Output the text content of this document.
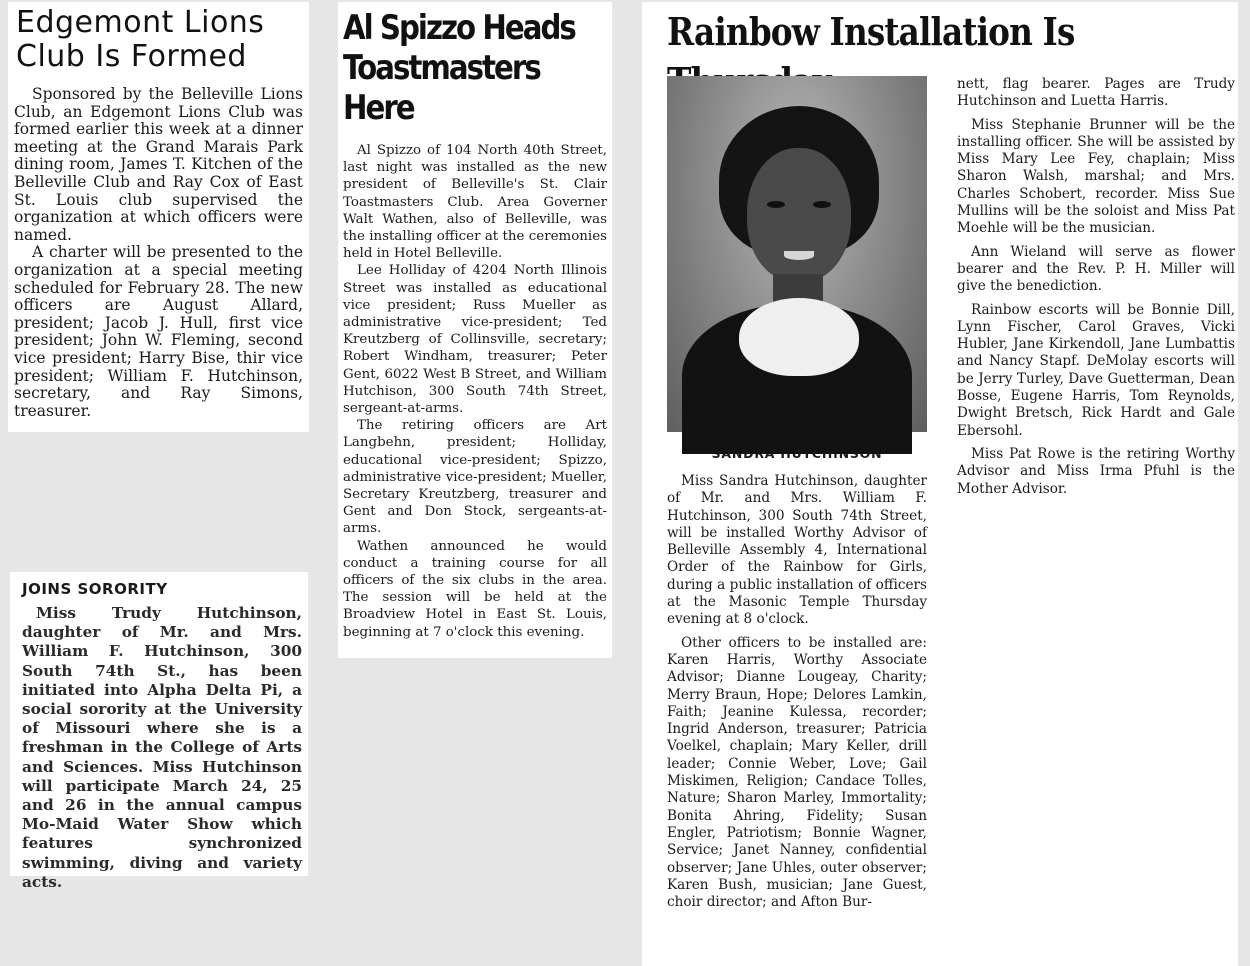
Edgemont Lions
Club Is Formed

Sponsored by the Belleville Lions Club, an Edgemont Lions Club was formed earlier this week at a dinner meeting at the Grand Marais Park dining room, James T. Kitchen of the Belleville Club and Ray Cox of East St. Louis club supervised the organization at which officers were named.

A charter will be presented to the organization at a special meeting scheduled for February 28. The new officers are August Allard, president; Jacob J. Hull, first vice president; John W. Fleming, second vice president; Harry Bise, thir vice president; William F. Hutchinson, secretary, and Ray Simons, treasurer.

Al Spizzo Heads
Toastmasters Here

Al Spizzo of 104 North 40th Street, last night was installed as the new president of Belleville's St. Clair Toastmasters Club. Area Governer Walt Wathen, also of Belleville, was the installing officer at the ceremonies held in Hotel Belleville.

Lee Holliday of 4204 North Illinois Street was installed as educational vice president; Russ Mueller as administrative vice-president; Ted Kreutzberg of Collinsville, secretary; Robert Windham, treasurer; Peter Gent, 6022 West B Street, and William Hutchison, 300 South 74th Street, sergeant-at-arms.

The retiring officers are Art Langbehn, president; Holliday, educational vice-president; Spizzo, administrative vice-president; Mueller, Secretary Kreutzberg, treasurer and Gent and Don Stock, sergeants-at-arms.

Wathen announced he would conduct a training course for all officers of the six clubs in the area. The session will be held at the Broadview Hotel in East St. Louis, beginning at 7 o'clock this evening.

Rainbow Installation Is

Miss Sandra Hutchinson, daughter of Mr. and Mrs. William F. Hutchinson, 300 South 74th Street, will be installed Worthy Advisor of Belleville Assembly 4, International Order of the Rainbow for Girls, during a public installation of officers at the Masonic Temple Thursday evening at 8 o'clock.

Other officers to be installed are: Karen Harris, Worthy Associate Advisor; Dianne Lougeay, Charity; Merry Braun, Hope; Delores Lamkin, Faith; Jeanine Kulessa, recorder; Ingrid Anderson, treasurer; Patricia Voelkel, chaplain; Mary Keller, drill leader; Connie Weber, Love; Gail Miskimen, Religion; Candace Tolles, Nature; Sharon Marley, Immortality; Bonita Ahring, Fidelity; Susan Engler, Patriotism; Bonnie Wagner, Service; Janet Nanney, confidential observer; Jane Uhles, outer observer; Karen Bush, musician; Jane Guest, choir director; and Afton Bur-

nett, flag bearer. Pages are Trudy Hutchinson and Luetta Harris.

Miss Stephanie Brunner will be the installing officer. She will be assisted by Miss Mary Lee Fey, chaplain; Miss Sharon Walsh, marshal; and Mrs. Charles Schobert, recorder. Miss Sue Mullins will be the soloist and Miss Pat Moehle will be the musician.

Ann Wieland will serve as flower bearer and the Rev. P. H. Miller will give the benediction.

Rainbow escorts will be Bonnie Dill, Lynn Fischer, Carol Graves, Vicki Hubler, Jane Kirkendoll, Jane Lumbattis and Nancy Stapf. DeMolay escorts will be Jerry Turley, Dave Guetterman, Dean Bosse, Eugene Harris, Tom Reynolds, Dwight Bretsch, Rick Hardt and Gale Ebersohl.

Miss Pat Rowe is the retiring Worthy Advisor and Miss Irma Pfuhl is the Mother Advisor.

JOINS SORORITY

Miss Trudy Hutchinson, daughter of Mr. and Mrs. William F. Hutchinson, 300 South 74th St., has been initiated into Alpha Delta Pi, a social sorority at the University of Missouri where she is a freshman in the College of Arts and Sciences. Miss Hutchinson will participate March 24, 25 and 26 in the annual campus Mo-Maid Water Show which features synchronized swimming, diving and variety acts.
